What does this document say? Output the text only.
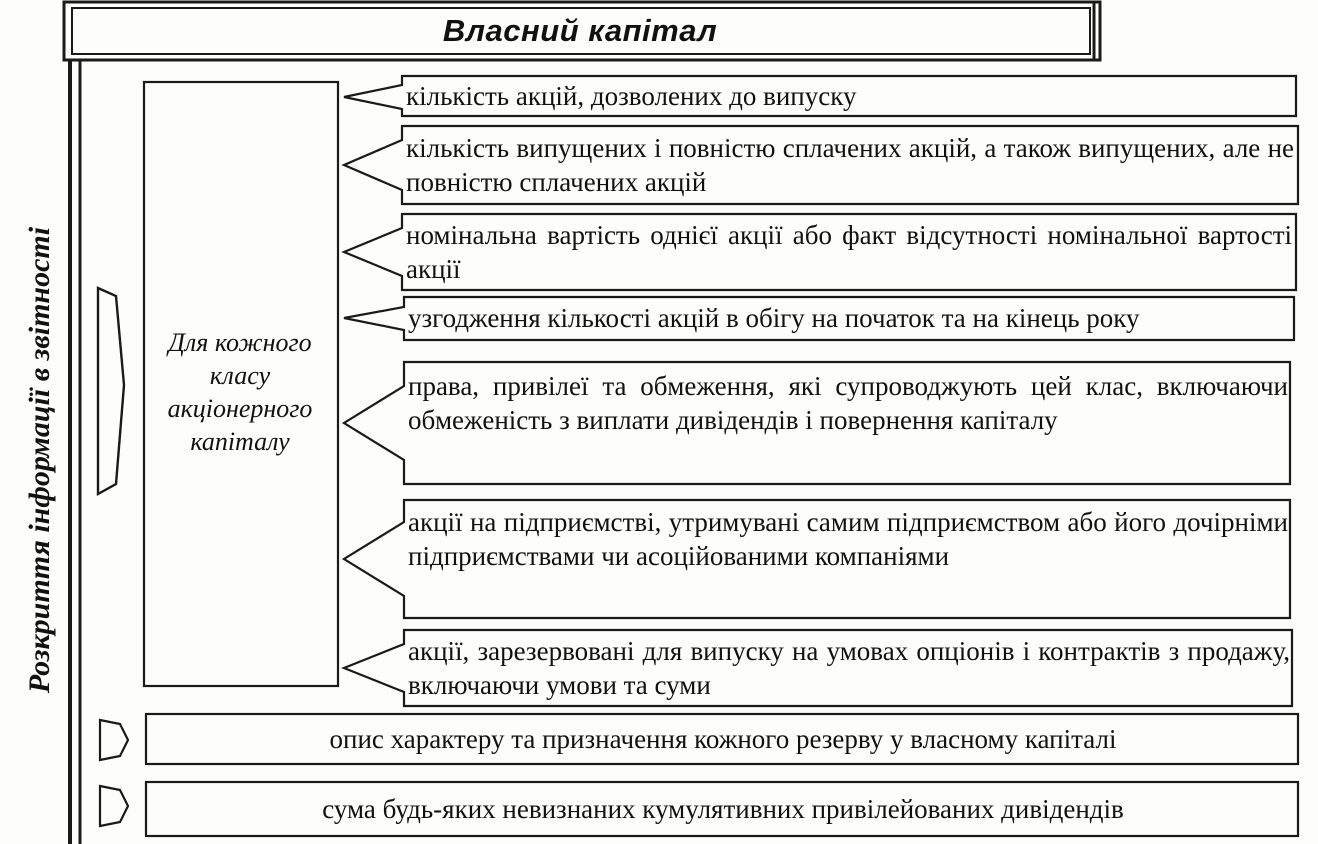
Власний капітал
Розкриття інформації в звітності	Для кожного класу акціонерного капіталу
кількість акцій, дозволених до випуску
кількість випущених і повністю сплачених акцій, а також випущених, але не повністю сплачених акцій
номінальна вартість однієї акції або факт відсутності номінальної вартості акції
узгодження кількості акцій в обігу на початок та на кінець року
права, привілеї та обмеження, які супроводжують цей клас, включаючи обмеженість з виплати дивідендів і повернення капіталу
акції на підприємстві, утримувані самим підприємством або його дочірніми підприємствами чи асоційованими компаніями
акції, зарезервовані для випуску на умовах опціонів і контрактів з продажу, включаючи умови та суми
опис характеру та призначення кожного резерву у власному капіталі
сума будь-яких невизнаних кумулятивних привілейованих дивідендів
